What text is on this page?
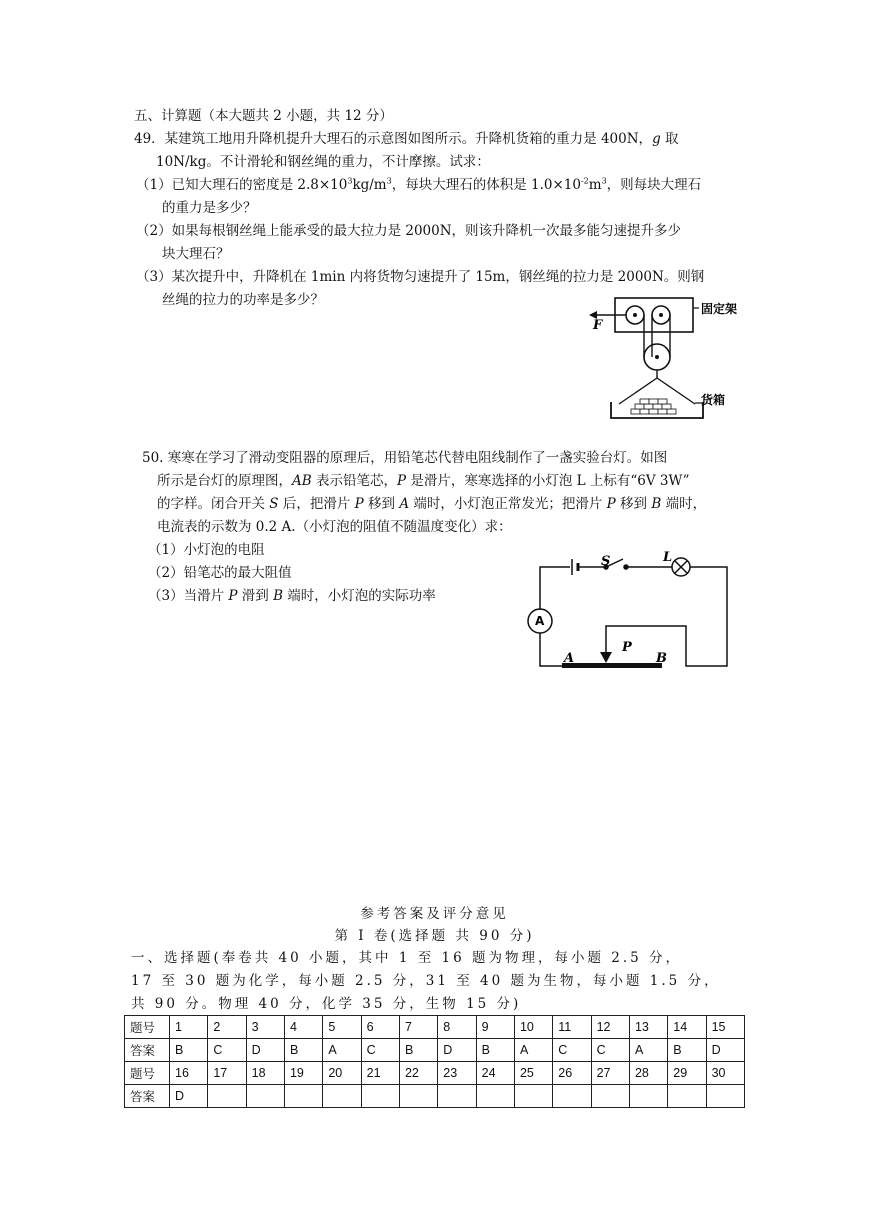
五、计算题（本大题共 2 小题，共 12 分）
49．某建筑工地用升降机提升大理石的示意图如图所示。升降机货箱的重力是 400N，g 取
10N/kg。不计滑轮和钢丝绳的重力，不计摩擦。试求：
（1）已知大理石的密度是 $2.8\times 10^3kg/m^3$，每块大理石的体积是 $1.0\times 10^{-2}m^3$，则每块大理石
的重力是多少？
（2）如果每根钢丝绳上能承受的最大拉力是 2000N，则该升降机一次最多能匀速提升多少
块大理石？
（3）某次提升中，升降机在 1min 内将货物匀速提升了 15m，钢丝绳的拉力是 2000N。则钢
丝绳的拉力的功率是多少？
F
固定架
货箱
50. 寒寒在学习了滑动变阻器的原理后，用铅笔芯代替电阻线制作了一盏实验台灯。如图
所示是台灯的原理图，AB 表示铅笔芯，P 是滑片，寒寒选择的小灯泡 L 上标有“6V 3W”
的字样。闭合开关 S 后，把滑片 P 移到 A 端时，小灯泡正常发光；把滑片 P 移到 B 端时，
电流表的示数为 0.2 A.（小灯泡的阻值不随温度变化）求：
（1）小灯泡的电阻
（2）铅笔芯的最大阻值
（3）当滑片 P 滑到 B 端时，小灯泡的实际功率
S	L
A
P
A	B
参考答案及评分意见
第 I 卷(选择题 共 90 分)
一、选择题(奉卷共 40 小题，其中 1 至 16 题为物理，每小题 2.5 分，
17 至 30 题为化学，每小题 2.5 分，31 至 40 题为生物，每小题 1.5 分，
共 90 分。物理 40 分，化学 35 分，生物 15 分)
题号	1	2	3	4	5	6	7	8	9	10	11	12	13	14	15
答案	B	C	D	B	A	C	B	D	B	A	C	C	A	B	D
题号	16	17	18	19	20	21	22	23	24	25	26	27	28	29	30
答案	D														
